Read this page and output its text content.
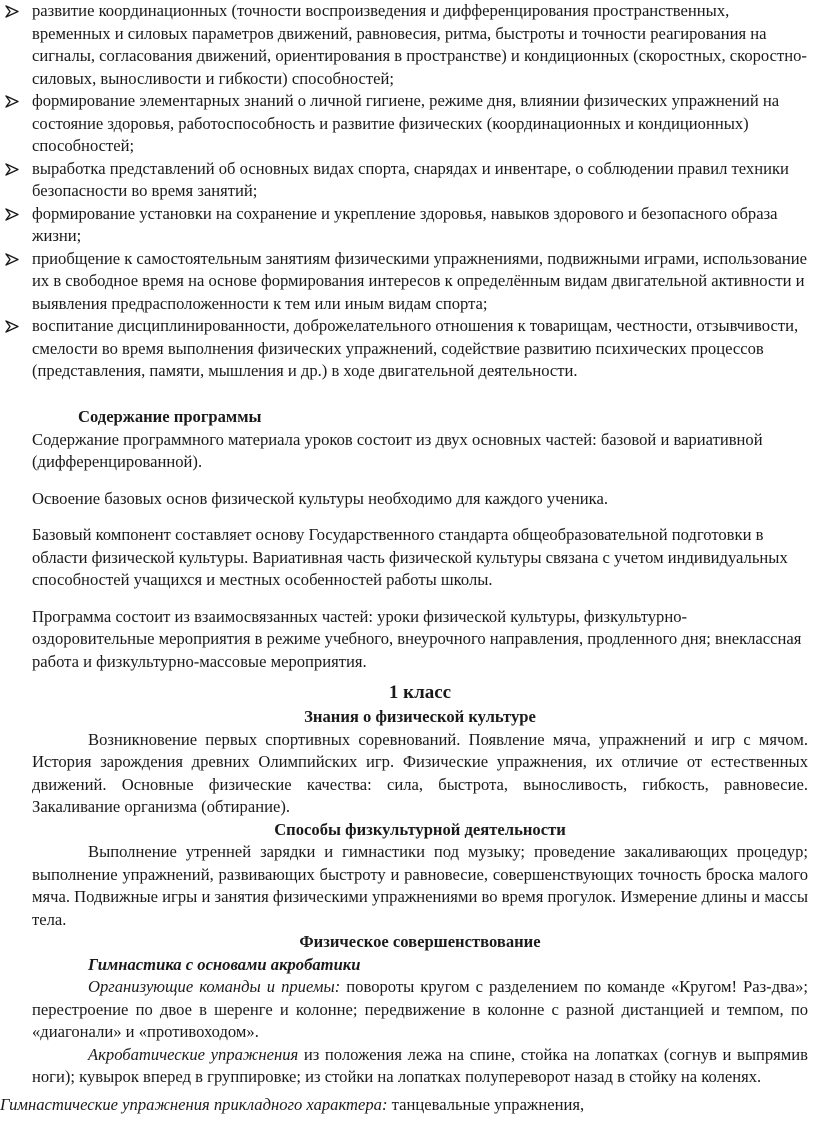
развитие координационных (точности воспроизведения и дифференцирования пространственных, временных и силовых параметров движений, равновесия, ритма, быстроты и точности реагирования на сигналы, согласования движений, ориентирования в пространстве) и кондиционных (скоростных, скоростно-силовых, выносливости и гибкости) способностей;
формирование элементарных знаний о личной гигиене, режиме дня, влиянии физических упражнений на состояние здоровья, работоспособность и развитие физических (координационных и кондиционных) способностей;
выработка представлений об основных видах спорта, снарядах и инвентаре, о соблюдении правил техники безопасности во время занятий;
формирование установки на сохранение и укрепление здоровья, навыков здорового и безопасного образа жизни;
приобщение к самостоятельным занятиям физическими упражнениями, подвижными играми, использование их в свободное время на основе формирования интересов к определённым видам двигательной активности и выявления предрасположенности к тем или иным видам спорта;
воспитание дисциплинированности, доброжелательного отношения к товарищам, честности, отзывчивости, смелости во время выполнения физических упражнений, содействие развитию психических процессов (представления, памяти, мышления и др.) в ходе двигательной деятельности.

Содержание программы

Содержание программного материала уроков состоит из двух основных частей: базовой и вариативной (дифференцированной).

Освоение базовых основ физической культуры необходимо для каждого ученика.

Базовый компонент составляет основу Государственного стандарта общеобразовательной подготовки в области физической культуры. Вариативная часть физической культуры связана с учетом индивидуальных способностей учащихся и местных особенностей работы школы.

Программа состоит из взаимосвязанных частей: уроки физической культуры, физкультурно-оздоровительные мероприятия в режиме учебного, внеурочного направления, продленного дня; внеклассная работа и физкультурно-массовые мероприятия.

1 класс

Знания о физической культуре

Возникновение первых спортивных соревнований. Появление мяча, упражнений и игр с мячом. История зарождения древних Олимпийских игр. Физические упражнения, их отличие от естественных движений. Основные физические качества: сила, быстрота, выносливость, гибкость, равновесие. Закаливание организма (обтирание).

Способы физкультурной деятельности

Выполнение утренней зарядки и гимнастики под музыку; проведение закаливающих процедур; выполнение упражнений, развивающих быстроту и равновесие, совершенствующих точность броска малого мяча. Подвижные игры и занятия физическими упражнениями во время прогулок. Измерение длины и массы тела.

Физическое совершенствование

Гимнастика с основами акробатики

Организующие команды и приемы: повороты кругом с разделением по команде «Кругом! Раз-два»; перестроение по двое в шеренге и колонне; передвижение в колонне с разной дистанцией и темпом, по «диагонали» и «противоходом».

Акробатические упражнения из положения лежа на спине, стойка на лопатках (согнув и выпрямив ноги); кувырок вперед в группировке; из стойки на лопатках полупереворот назад в стойку на коленях.

Гимнастические упражнения прикладного характера: танцевальные упражнения,
